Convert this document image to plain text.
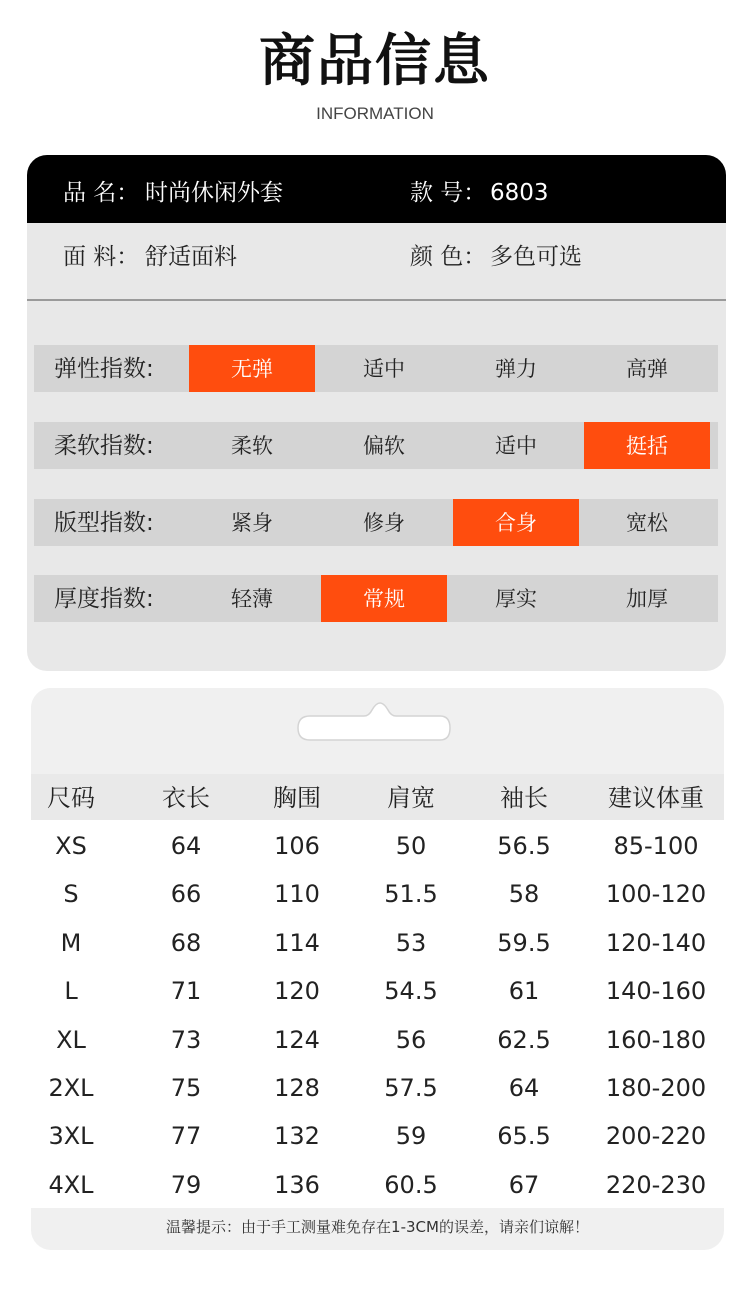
商品信息
INFORMATION
品 名： 时尚休闲外套	款 号： 6803
面 料： 舒适面料	颜 色： 多色可选
弹性指数:	无弹	适中	弹力	高弹
柔软指数:	柔软	偏软	适中	挺括
版型指数:	紧身	修身	合身	宽松
厚度指数:	轻薄	常规	厚实	加厚
尺码	衣长	胸围	肩宽	袖长	建议体重
XS	64	106	50	56.5	85-100
S	66	110	51.5	58	100-120
M	68	114	53	59.5	120-140
L	71	120	54.5	61	140-160
XL	73	124	56	62.5	160-180
2XL	75	128	57.5	64	180-200
3XL	77	132	59	65.5	200-220
4XL	79	136	60.5	67	220-230
温馨提示：由于手工测量难免存在1-3CM的误差，请亲们谅解！
